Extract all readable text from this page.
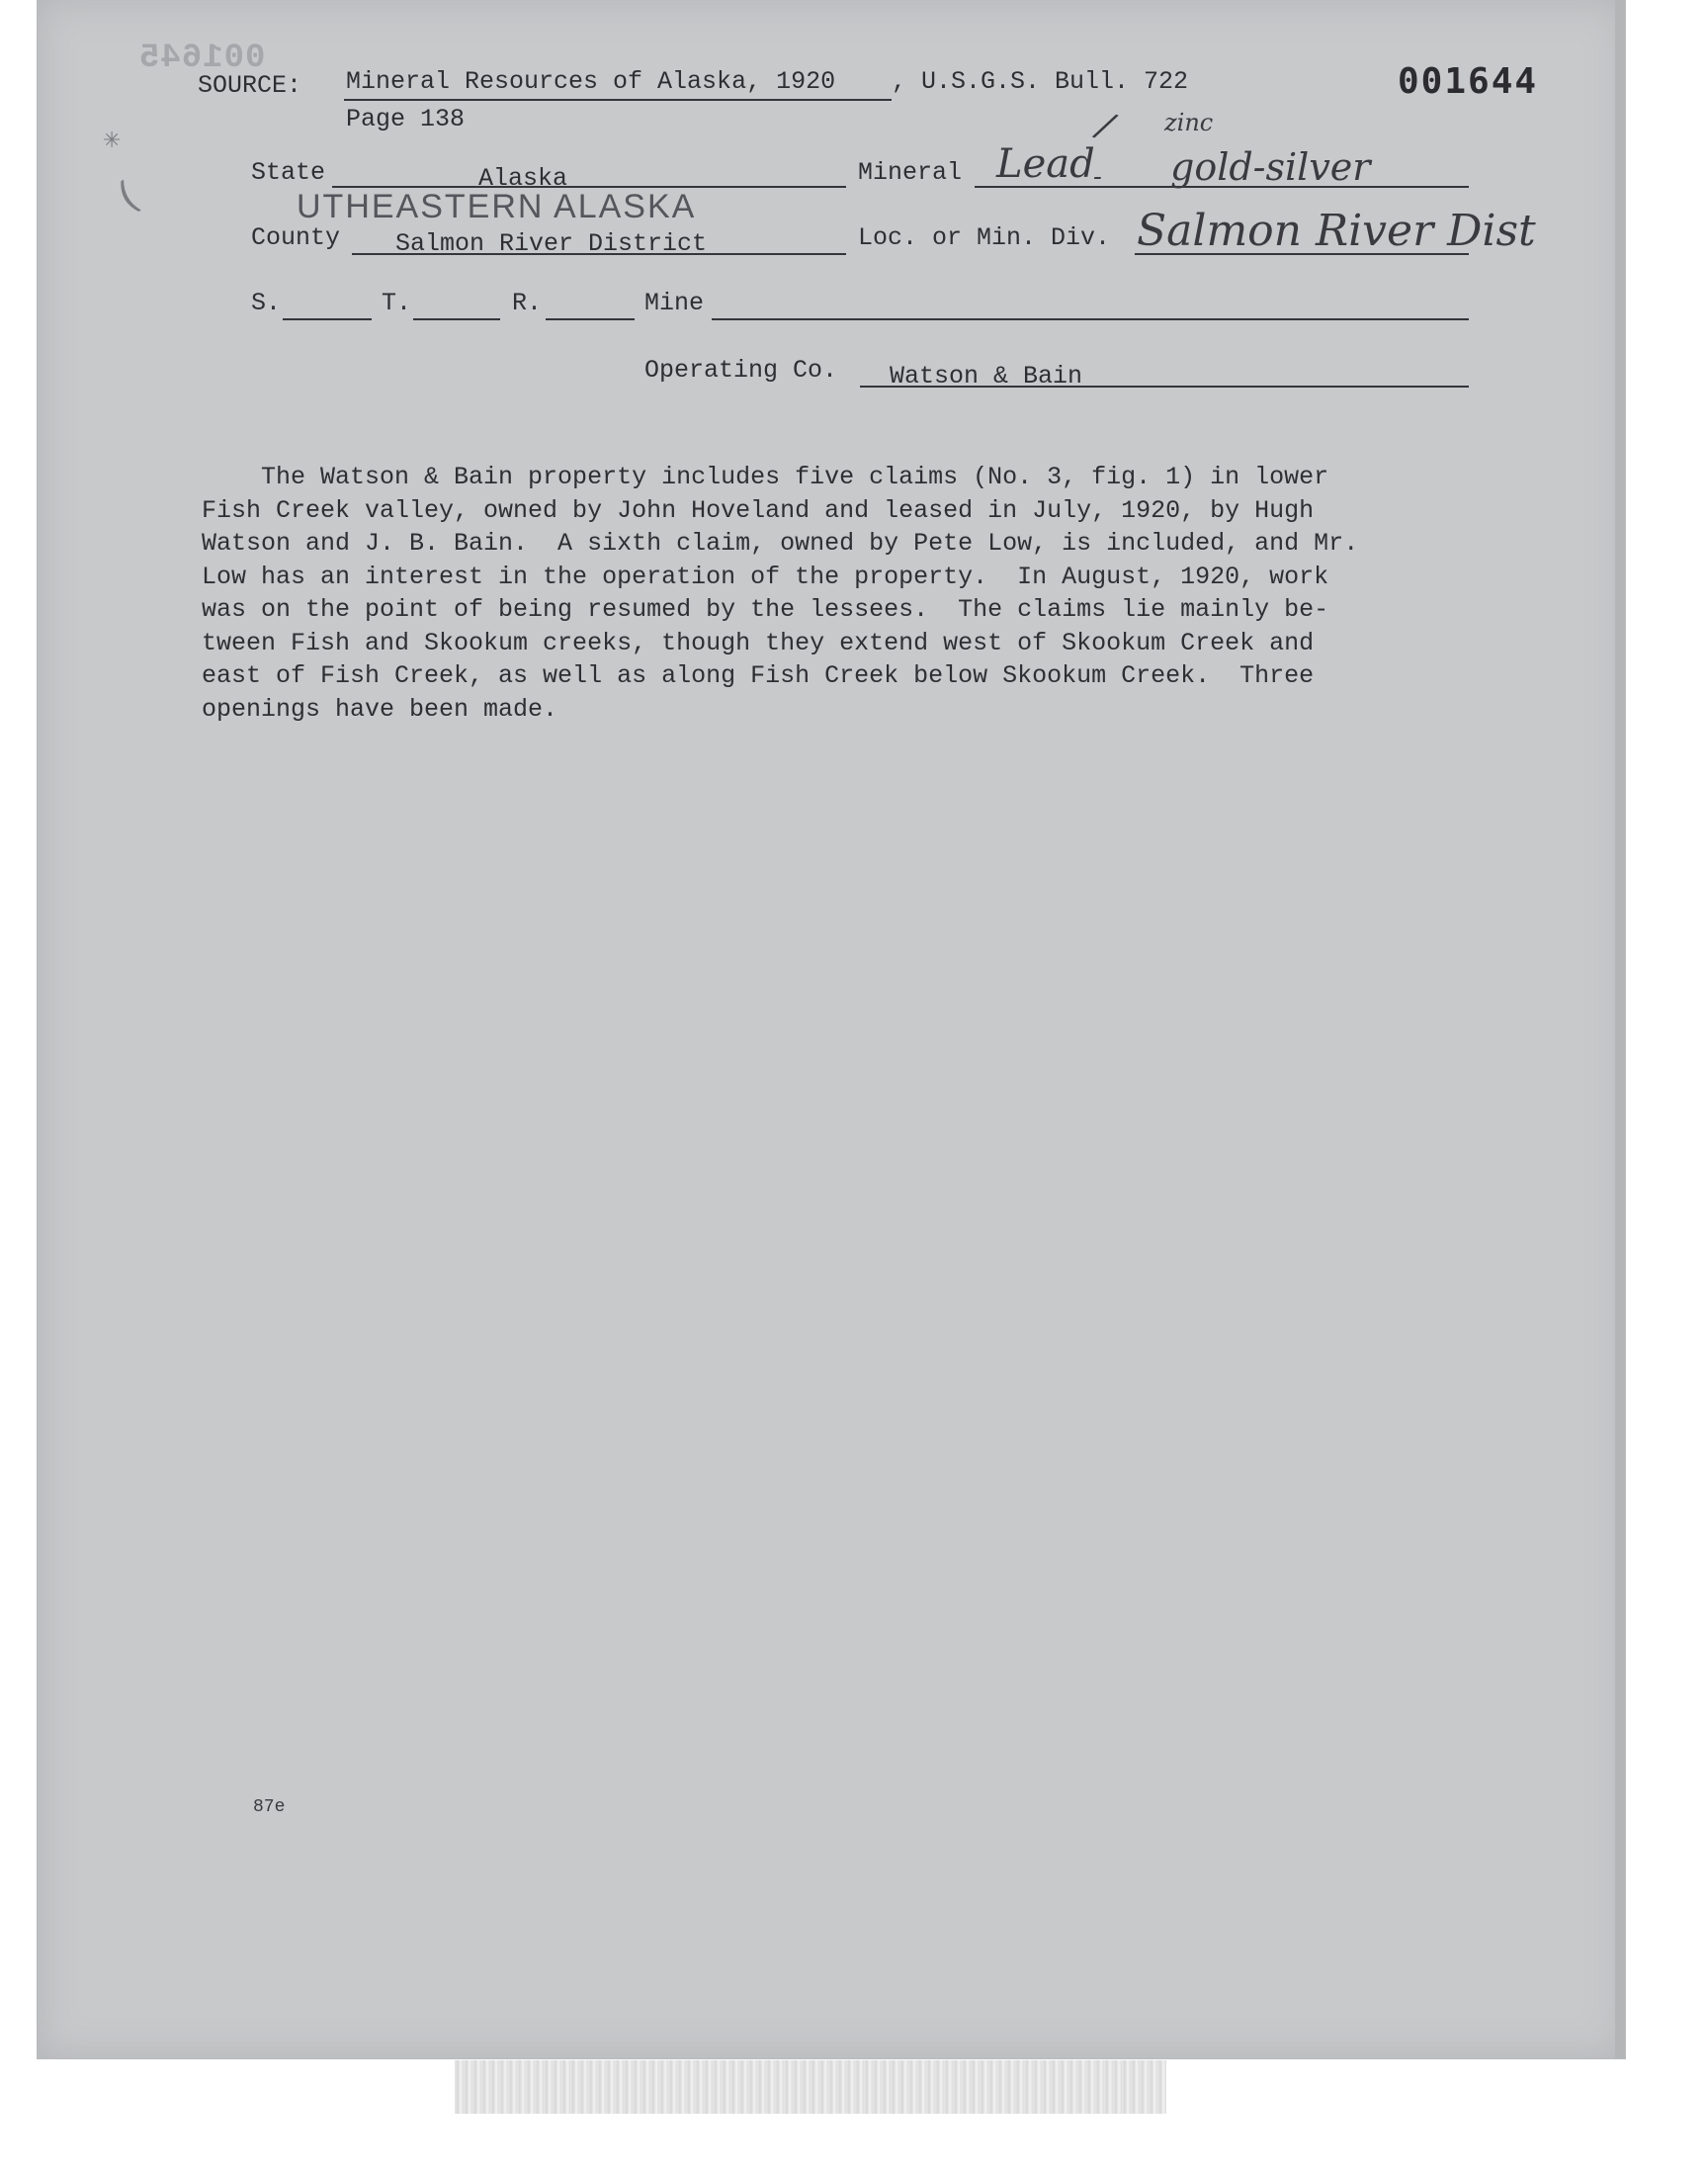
001645
✳
(
001644
SOURCE: Mineral Resources of Alaska, 1920 , U.S.G.S. Bull. 722
Page 138
State	Alaska
UTHEASTERN ALASKA
County Salmon River District
Mineral Lead
-
/ zinc
gold-silver
Loc. or Min. Div. Salmon River Dist
S.	T.	R.	Mine
Operating Co. Watson & Bain
The Watson & Bain property includes five claims (No. 3, fig. 1) in lower
Fish Creek valley, owned by John Hoveland and leased in July, 1920, by Hugh
Watson and J. B. Bain.  A sixth claim, owned by Pete Low, is included, and Mr.
Low has an interest in the operation of the property.  In August, 1920, work
was on the point of being resumed by the lessees.  The claims lie mainly be-
tween Fish and Skookum creeks, though they extend west of Skookum Creek and
east of Fish Creek, as well as along Fish Creek below Skookum Creek.  Three
openings have been made.
87e
